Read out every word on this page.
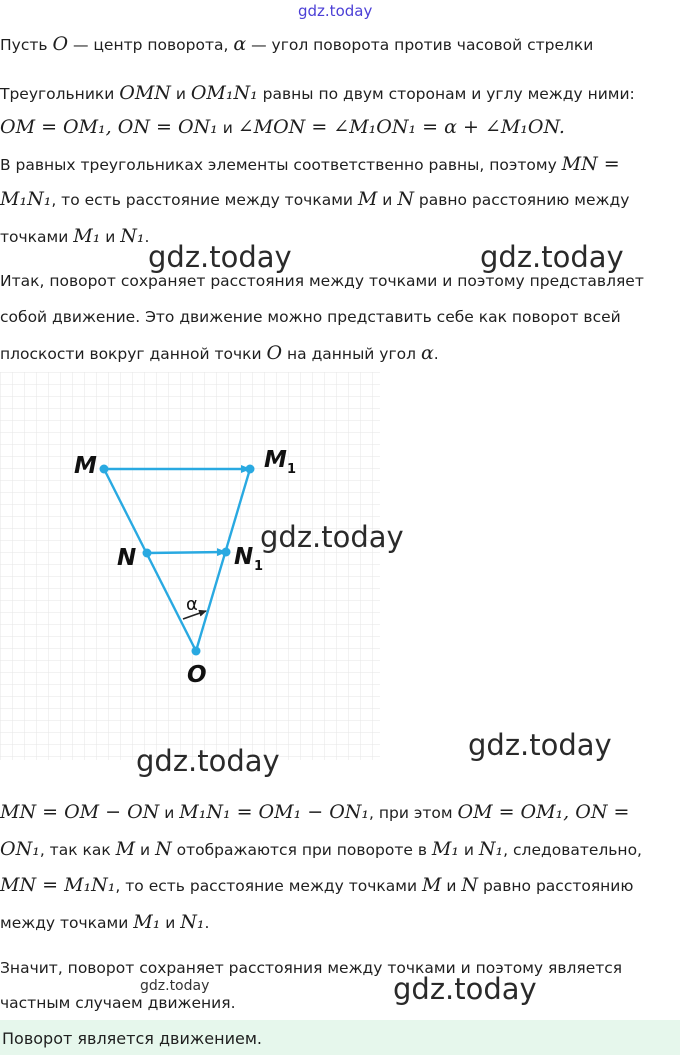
gdz.today
Пусть O — центр поворота, α — угол поворота против часовой стрелки
Треугольники OMN и OM₁N₁ равны по двум сторонам и углу между ними:
OM = OM₁, ON = ON₁ и ∠MON = ∠M₁ON₁ = α + ∠M₁ON.
В равных треугольниках элементы соответственно равны, поэтому MN =
M₁N₁, то есть расстояние между точками M и N равно расстоянию между
точками M₁ и N₁.
gdz.today	gdz.today
Итак, поворот сохраняет расстояния между точками и поэтому представляет
собой движение. Это движение можно представить себе как поворот всей
плоскости вокруг данной точки O на данный угол α.
M	M 1
N	N 1
O
α
gdz.today
gdz.today
gdz.today
MN = OM − ON и M₁N₁ = OM₁ − ON₁, при этом OM = OM₁, ON =
ON₁, так как M и N отображаются при повороте в M₁ и N₁, следовательно,
MN = M₁N₁, то есть расстояние между точками M и N равно расстоянию
между точками M₁ и N₁.
Значит, поворот сохраняет расстояния между точками и поэтому является
gdz.today
частным случаем движения.	gdz.today
Поворот является движением.
